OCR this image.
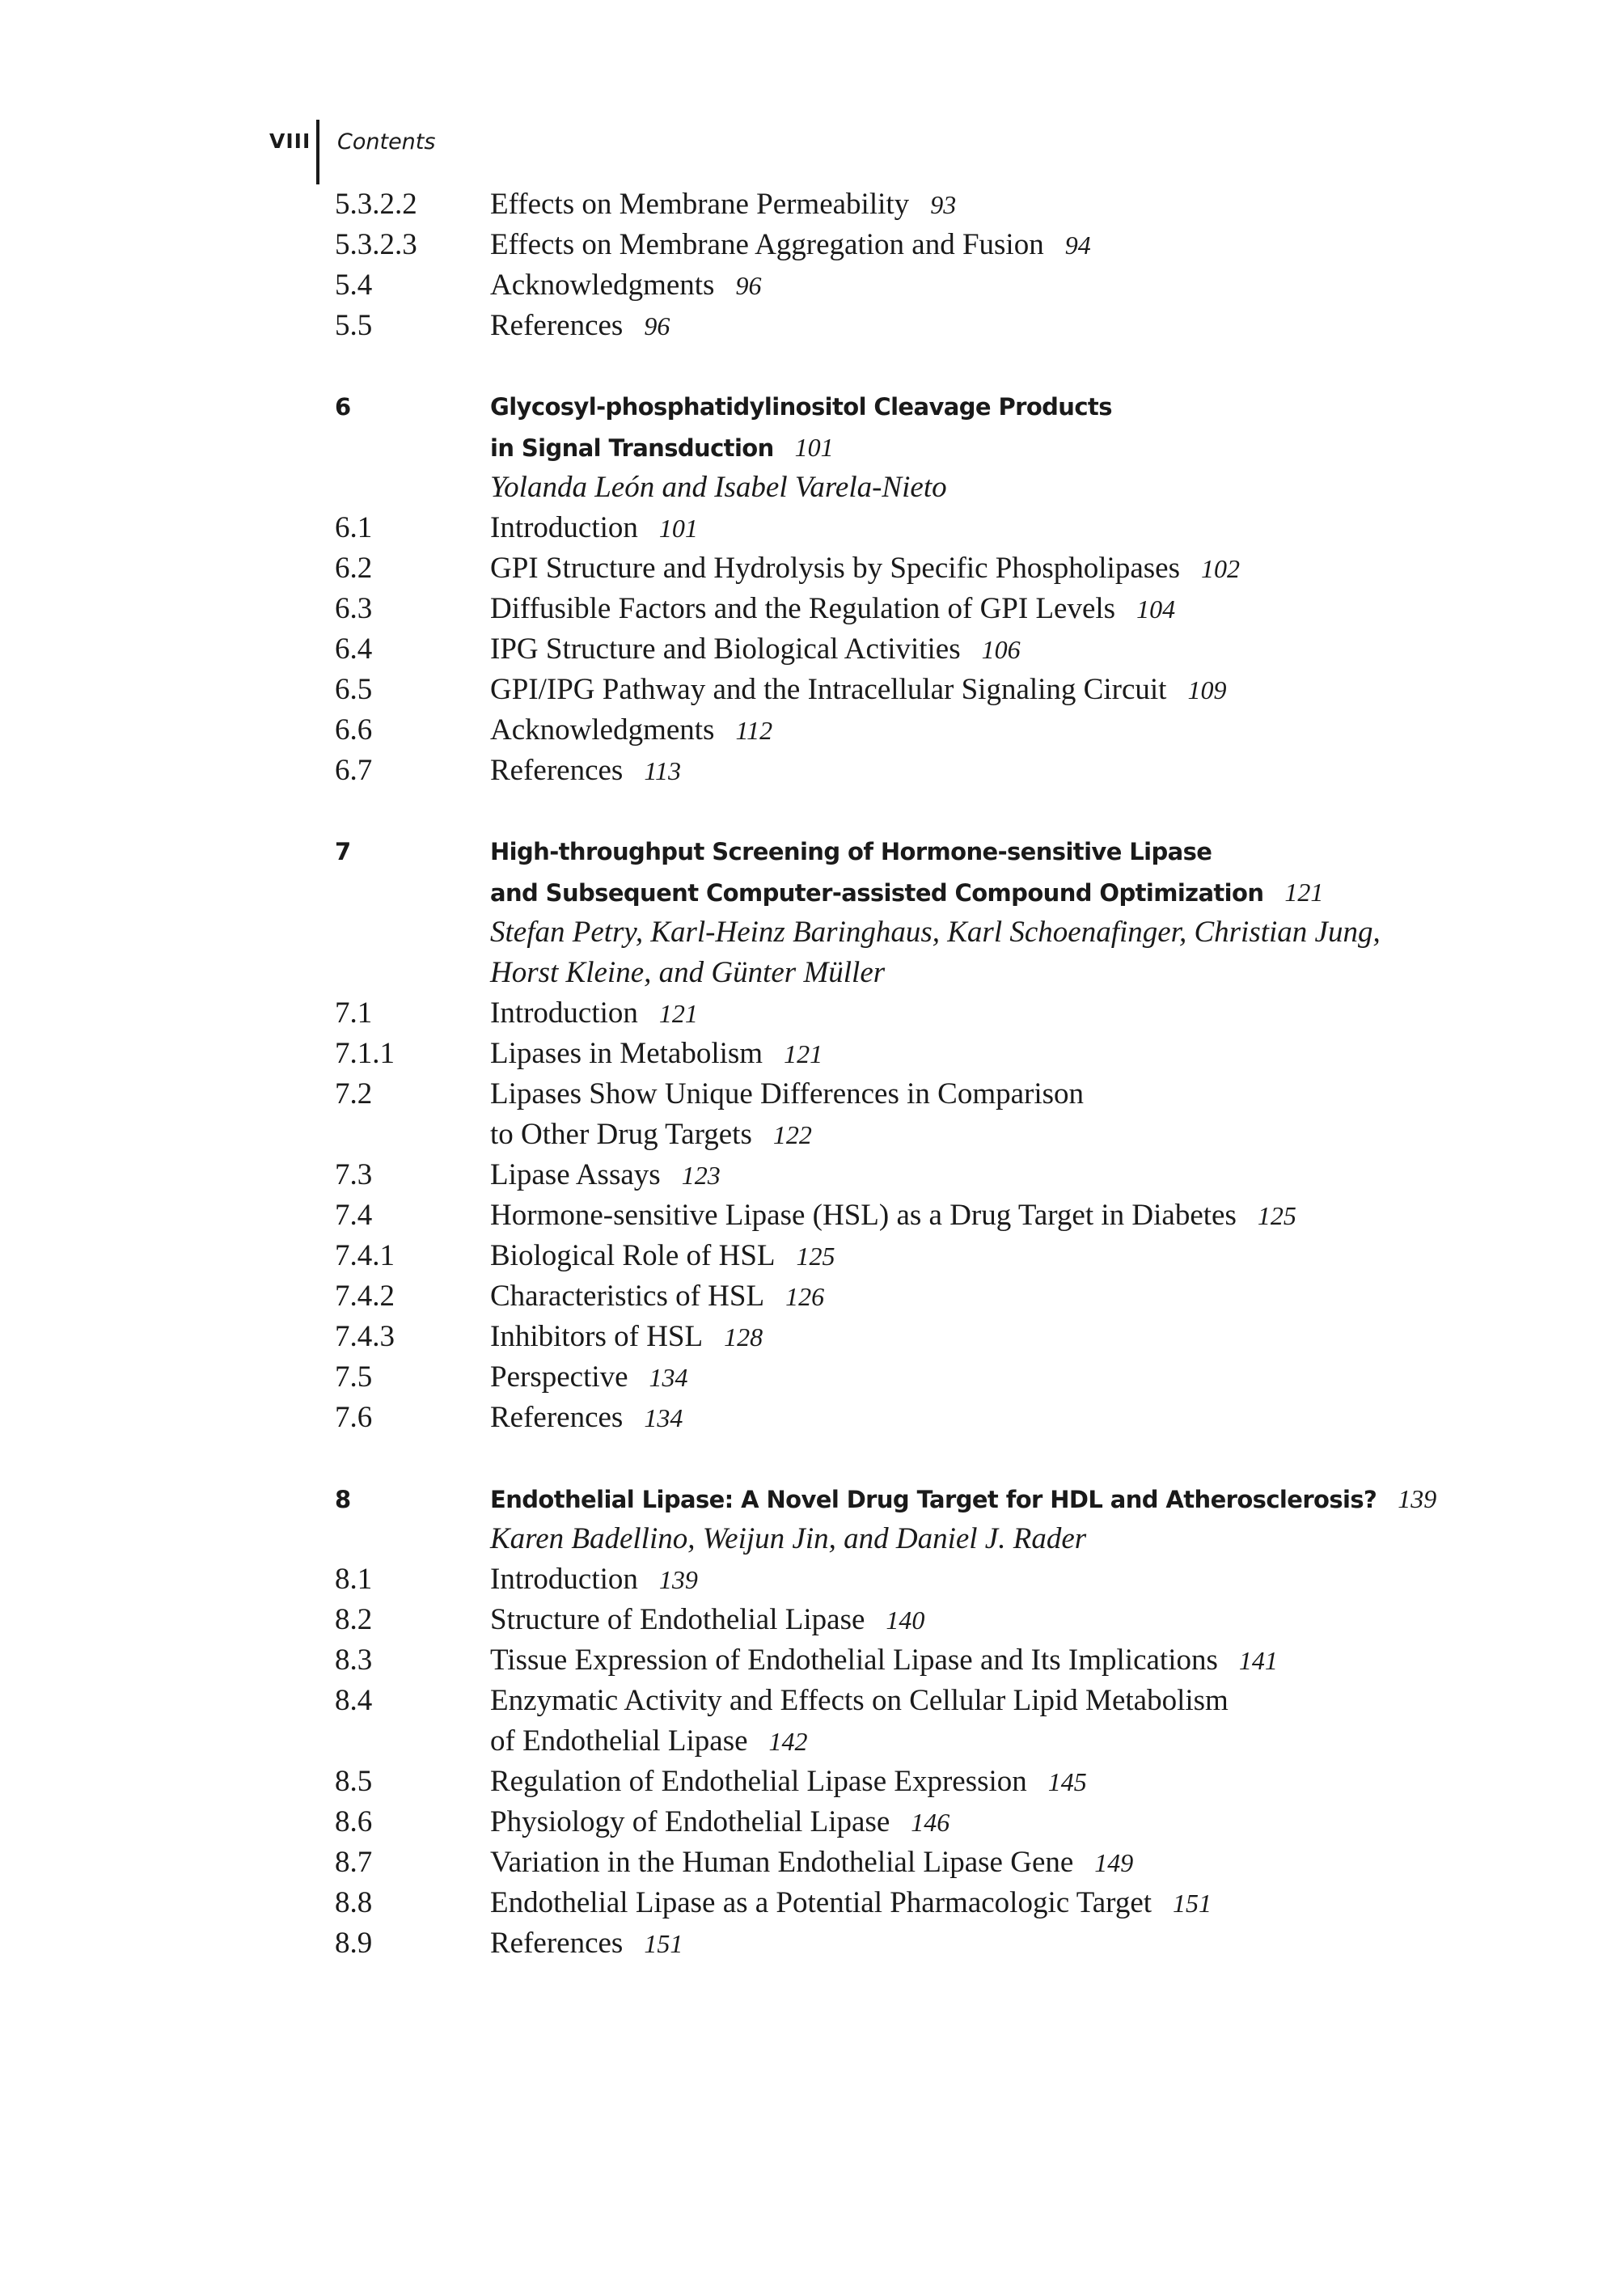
VIII Contents
5.3.2.2	Effects on Membrane Permeability 93
5.3.2.3	Effects on Membrane Aggregation and Fusion 94
5.4	Acknowledgments 96
5.5	References 96
6	Glycosyl-phosphatidylinositol Cleavage Products
in Signal Transduction 101
Yolanda León and Isabel Varela-Nieto
6.1	Introduction 101
6.2	GPI Structure and Hydrolysis by Specific Phospholipases 102
6.3	Diffusible Factors and the Regulation of GPI Levels 104
6.4	IPG Structure and Biological Activities 106
6.5	GPI/IPG Pathway and the Intracellular Signaling Circuit 109
6.6	Acknowledgments 112
6.7	References 113
7	High-throughput Screening of Hormone-sensitive Lipase
and Subsequent Computer-assisted Compound Optimization 121
Stefan Petry, Karl-Heinz Baringhaus, Karl Schoenafinger, Christian Jung,
Horst Kleine, and Günter Müller
7.1	Introduction 121
7.1.1	Lipases in Metabolism 121
7.2	Lipases Show Unique Differences in Comparison
to Other Drug Targets 122
7.3	Lipase Assays 123
7.4	Hormone-sensitive Lipase (HSL) as a Drug Target in Diabetes 125
7.4.1	Biological Role of HSL 125
7.4.2	Characteristics of HSL 126
7.4.3	Inhibitors of HSL 128
7.5	Perspective 134
7.6	References 134
8	Endothelial Lipase: A Novel Drug Target for HDL and Atherosclerosis? 139
Karen Badellino, Weijun Jin, and Daniel J. Rader
8.1	Introduction 139
8.2	Structure of Endothelial Lipase 140
8.3	Tissue Expression of Endothelial Lipase and Its Implications 141
8.4	Enzymatic Activity and Effects on Cellular Lipid Metabolism
of Endothelial Lipase 142
8.5	Regulation of Endothelial Lipase Expression 145
8.6	Physiology of Endothelial Lipase 146
8.7	Variation in the Human Endothelial Lipase Gene 149
8.8	Endothelial Lipase as a Potential Pharmacologic Target 151
8.9	References 151
